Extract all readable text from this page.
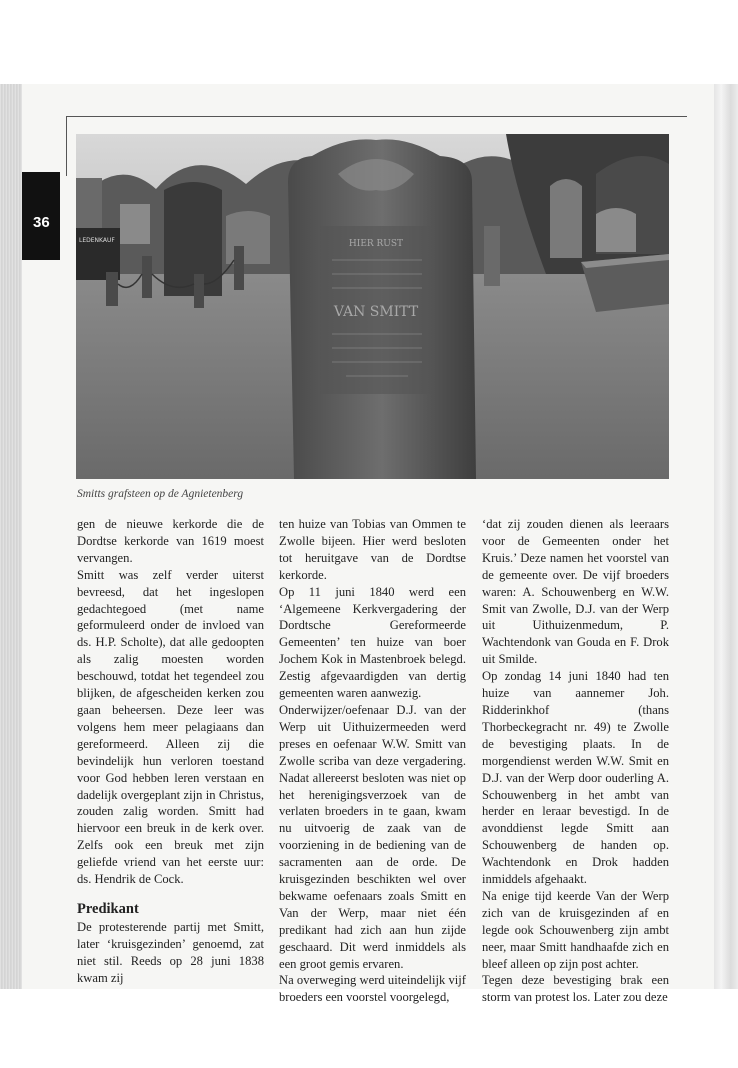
36
LEDENKAUF	HIER RUST
VAN SMITT
Smitts grafsteen op de Agnietenberg

gen de nieuwe kerkorde die de Dordtse kerkorde van 1619 moest vervangen.

Smitt was zelf verder uiterst bevreesd, dat het ingeslopen gedachtegoed (met name geformuleerd onder de invloed van ds. H.P. Scholte), dat alle gedoopten als zalig moesten worden beschouwd, totdat het tegendeel zou blijken, de afgescheiden kerken zou gaan beheersen. Deze leer was volgens hem meer pelagiaans dan gereformeerd. Alleen zij die bevindelijk hun verloren toestand voor God hebben leren verstaan en dadelijk overgeplant zijn in Christus, zouden zalig worden. Smitt had hiervoor een breuk in de kerk over. Zelfs ook een breuk met zijn geliefde vriend van het eerste uur: ds. Hendrik de Cock.

Predikant

De protesterende partij met Smitt, later ‘kruisgezinden’ genoemd, zat niet stil. Reeds op 28 juni 1838 kwam zij

ten huize van Tobias van Ommen te Zwolle bijeen. Hier werd besloten tot heruitgave van de Dordtse kerkorde.

Op 11 juni 1840 werd een ‘Algemeene Kerkvergadering der Dordtsche Gereformeerde Gemeenten’ ten huize van boer Jochem Kok in Mastenbroek belegd. Zestig afgevaardigden van dertig gemeenten waren aanwezig.

Onderwijzer/oefenaar D.J. van der Werp uit Uithuizermeeden werd preses en oefenaar W.W. Smitt van Zwolle scriba van deze vergadering. Nadat allereerst besloten was niet op het herenigingsverzoek van de verlaten broeders in te gaan, kwam nu uitvoerig de zaak van de voorziening in de bediening van de sacramenten aan de orde. De kruisgezinden beschikten wel over bekwame oefenaars zoals Smitt en Van der Werp, maar niet één predikant had zich aan hun zijde geschaard. Dit werd inmiddels als een groot gemis ervaren.

Na overweging werd uiteindelijk vijf broeders een voorstel voorgelegd,

‘dat zij zouden dienen als leeraars voor de Gemeenten onder het Kruis.’ Deze namen het voorstel van de gemeente over. De vijf broeders waren: A. Schouwenberg en W.W. Smit van Zwolle, D.J. van der Werp uit Uithuizenmedum, P. Wachtendonk van Gouda en F. Drok uit Smilde.

Op zondag 14 juni 1840 had ten huize van aannemer Joh. Ridderinkhof (thans Thorbeckegracht nr. 49) te Zwolle de bevestiging plaats. In de morgendienst werden W.W. Smit en D.J. van der Werp door ouderling A. Schouwenberg in het ambt van herder en leraar bevestigd. In de avonddienst legde Smitt aan Schouwenberg de handen op. Wachtendonk en Drok hadden inmiddels afgehaakt.

Na enige tijd keerde Van der Werp zich van de kruisgezinden af en legde ook Schouwenberg zijn ambt neer, maar Smitt handhaafde zich en bleef alleen op zijn post achter.

Tegen deze bevestiging brak een storm van protest los. Later zou deze
